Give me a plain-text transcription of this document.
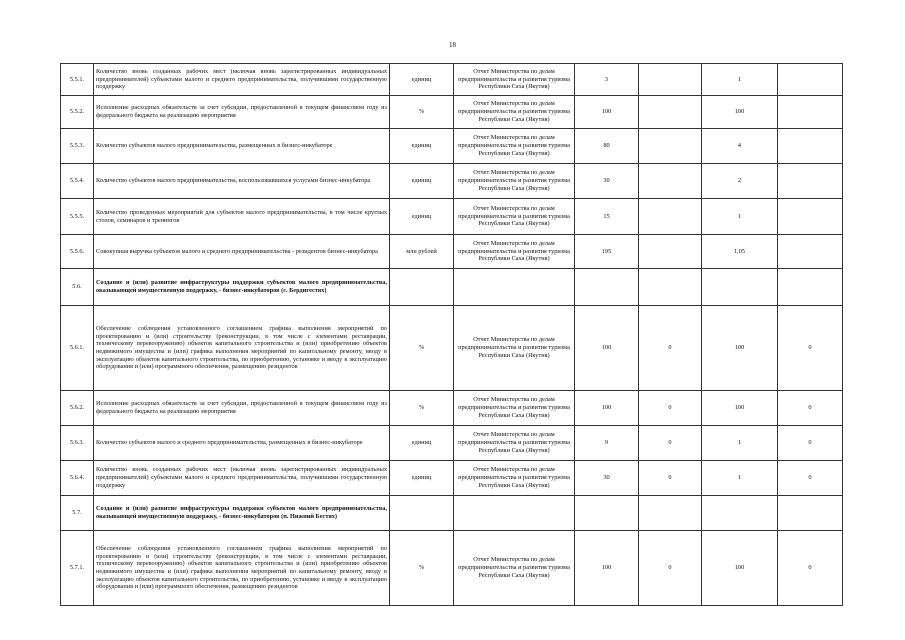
18
5.5.1.	Количество вновь созданных рабочих мест (включая вновь зарегистрированных индивидуальных предпринимателей) субъектами малого и среднего предпринимательства, получившими государственную поддержку	единиц	Отчет Министерства по делам предпринимательства и развития туризма Республики Саха (Якутия)	3		1	
5.5.2.	Исполнение расходных обязательств за счет субсидии, предоставленной в текущем финансовом году из федерального бюджета на реализацию мероприятия	%	Отчет Министерства по делам предпринимательства и развития туризма Республики Саха (Якутия)	100		100	
5.5.3.	Количество субъектов малого предпринимательства, размещенных в бизнес-инкубаторе	единиц	Отчет Министерства по делам предпринимательства и развития туризма Республики Саха (Якутия)	80		4	
5.5.4.	Количество субъектов малого предпринимательства, воспользовавшихся услугами бизнес-инкубатора	единиц	Отчет Министерства по делам предпринимательства и развития туризма Республики Саха (Якутия)	30		2	
5.5.5.	Количество проведенных мероприятий для субъектов малого предпринимательства, в том числе круглых столов, семинаров и тренингов	единиц	Отчет Министерства по делам предпринимательства и развития туризма Республики Саха (Якутия)	15		1	
5.5.6.	Совокупная выручка субъектов малого и среднего предпринимательства - резидентов бизнес-инкубатора	млн рублей	Отчет Министерства по делам предпринимательства и развития туризма Республики Саха (Якутия)	195		1,05	
5.6.	Создание и (или) развитие инфраструктуры поддержки субъектов малого предпринимательства, оказывающей имущественную поддержку, - бизнес-инкубаторов (с. Бердигестях)						
5.6.1.	Обеспечение соблюдения установленного соглашением графика выполнения мероприятий по проектированию и (или) строительству (реконструкции, в том числе с элементами реставрации, техническому перевооружению) объектов капитального строительства и (или) приобретению объектов недвижимого имущества и (или) графика выполнения мероприятий по капитальному ремонту, вводу в эксплуатацию объектов капитального строительства, по приобретению, установке и вводу в эксплуатацию оборудования и (или) программного обеспечения, размещению резидентов	%	Отчет Министерства по делам предпринимательства и развития туризма Республики Саха (Якутия)	100	0	100	0
5.6.2.	Исполнение расходных обязательств за счет субсидии, предоставленной в текущем финансовом году из федерального бюджета на реализацию мероприятия	%	Отчет Министерства по делам предпринимательства и развития туризма Республики Саха (Якутия)	100	0	100	0
5.6.3.	Количество субъектов малого и среднего предпринимательства, размещенных в бизнес-инкубаторе	единиц	Отчет Министерства по делам предпринимательства и развития туризма Республики Саха (Якутия)	9	0	1	0
5.6.4.	Количество вновь созданных рабочих мест (включая вновь зарегистрированных индивидуальных предпринимателей) субъектами малого и среднего предпринимательства, получившими государственную поддержку	единиц	Отчет Министерства по делам предпринимательства и развития туризма Республики Саха (Якутия)	30	0	1	0
5.7.	Создание и (или) развитие инфраструктуры поддержки субъектов малого предпринимательства, оказывающей имущественную поддержку, - бизнес-инкубаторов (п. Нижний Бестях)						
5.7.1.	Обеспечение соблюдения установленного соглашением графика выполнения мероприятий по проектированию и (или) строительству (реконструкции, в том числе с элементами реставрации, техническому перевооружению) объектов капитального строительства и (или) приобретению объектов недвижимого имущества и (или) графика выполнения мероприятий по капитальному ремонту, вводу в эксплуатацию объектов капитального строительства, по приобретению, установке и вводу в эксплуатацию оборудования и (или) программного обеспечения, размещению резидентов	%	Отчет Министерства по делам предпринимательства и развития туризма Республики Саха (Якутия)	100	0	100	0
